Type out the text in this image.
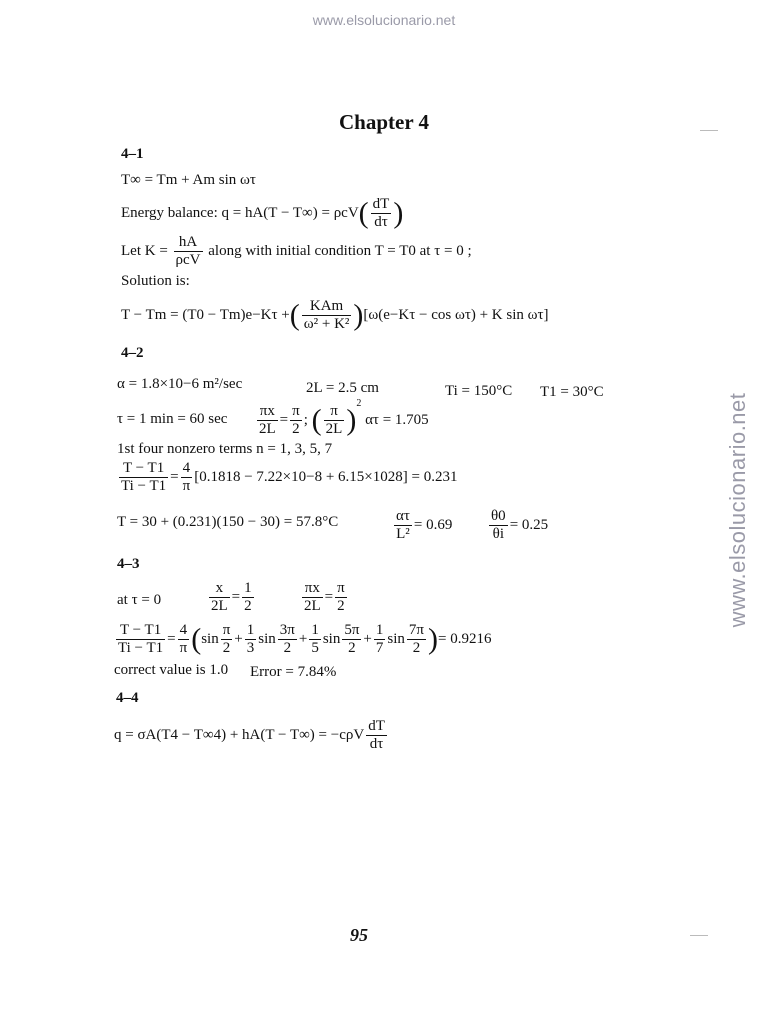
www.elsolucionario.net
www.elsolucionario.net
Chapter 4
4–1
T∞ = Tm + Am sin ωτ
Energy balance: $q = hA(T - T\infty) = \rho cV( \frac{dT}{d\tau}$ )
Let $K = \frac{hA}{\text{ρcV}}$ along with initial condition T = T0 at τ = 0 ;
Solution is:
T − Tm = (T0 − Tm)e−Kτ +( $\frac{\text{KAm}}{\text{ω² + K²}} )[\omega(e-K\tau - \cos \omega\tau) + K$ sin ωτ]
4–2
α = 1.8×10−6 m²/sec	2L = 2.5 cm	Ti = 150°C T1 = 30°C
τ = 1 min = 60 $\sec \frac{\pi x}{2L} = \frac{\pi}{2}$ ; ( $\frac{\pi}{2L} )^2$ ατ = 1.705
1st four nonzero terms n = 1, 3, 5, 7
$\frac{T - T1}{Ti - T1} = \frac{4}{\pi} [0.1818 - 7.22\times 10-8 + 6.15\times 1028] = 0.231$
T = 30 + (0.231)(150 − 30) = 57.8°C	$\frac{\alpha\tau}{\text{L²}} = 0.69 \frac{\theta 0}{\theta i} = 0.25$
4–3
at τ = 0	$\frac{x}{2L} = \frac{1}{2}$	$\frac{\pi x}{2L} = \frac{\pi}{2}$
$\frac{T - T1}{Ti - T1} = \frac{4}{\pi} (\sin \frac{\pi}{2} + \frac{1}{3}$ $\sin \frac{3\pi}{2} + \frac{1}{5}$ $\sin \frac{5\pi}{2} + \frac{1}{7}$ $\sin \frac{7\pi}{2}$ )= 0.9216
correct value is 1.0 Error = 7.84%
4–4
$q = \sigma A(T4 - T\infty 4) + hA(T - T\infty) = -c\rho V \frac{dT}{d\tau}$
95
